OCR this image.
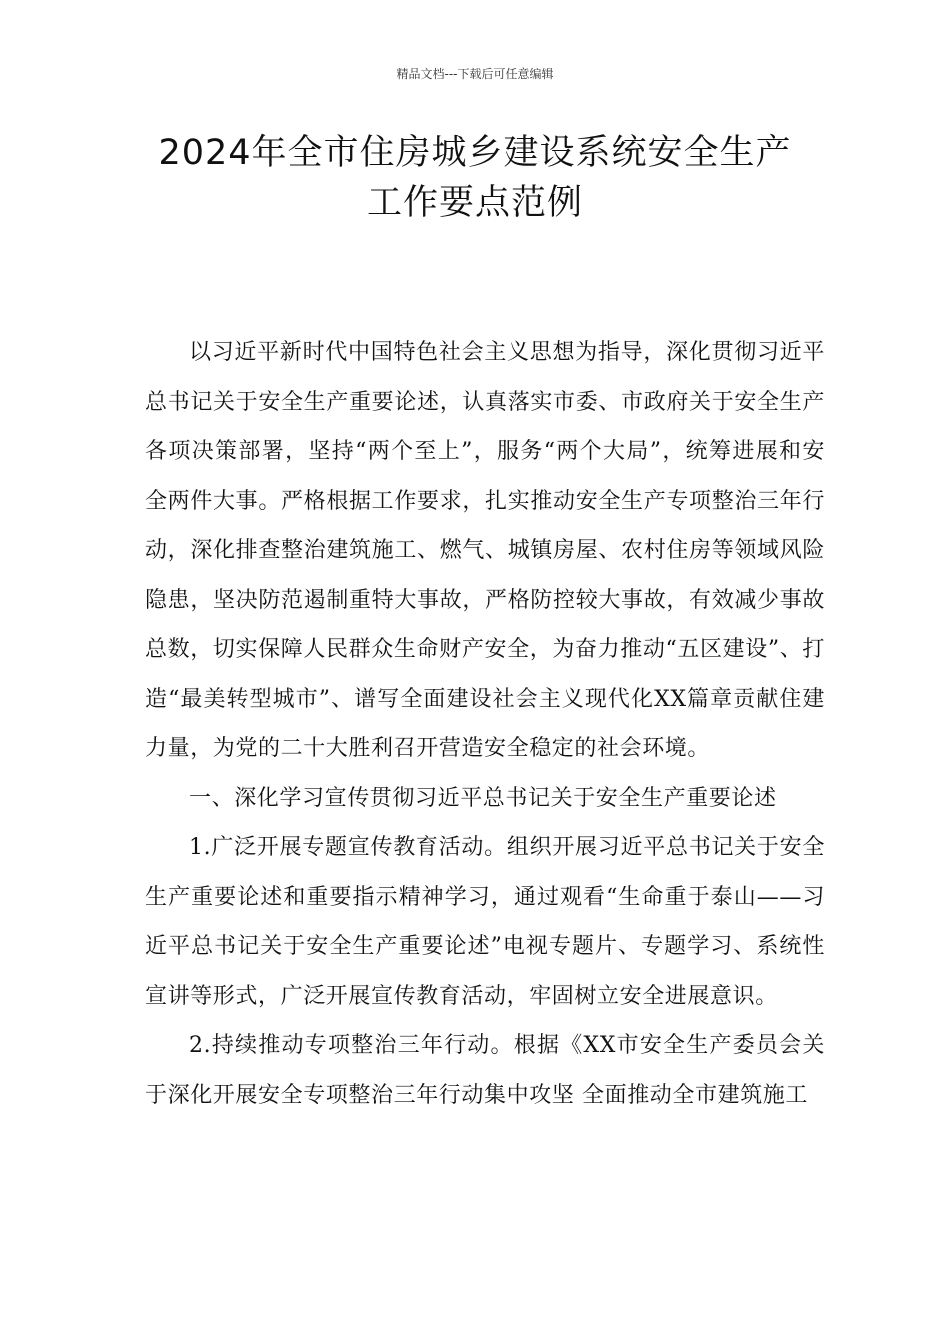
精品文档---下载后可任意编辑
2024年全市住房城乡建设系统安全生产
工作要点范例

以习近平新时代中国特色社会主义思想为指导，深化贯彻习近平总书记关于安全生产重要论述，认真落实市委、市政府关于安全生产各项决策部署，坚持“两个至上”，服务“两个大局”，统筹进展和安全两件大事。严格根据工作要求，扎实推动安全生产专项整治三年行动，深化排查整治建筑施工、燃气、城镇房屋、农村住房等领域风险隐患，坚决防范遏制重特大事故，严格防控较大事故，有效减少事故总数，切实保障人民群众生命财产安全，为奋力推动“五区建设”、打造“最美转型城市”、谱写全面建设社会主义现代化XX篇章贡献住建力量，为党的二十大胜利召开营造安全稳定的社会环境。

一、深化学习宣传贯彻习近平总书记关于安全生产重要论述

1.广泛开展专题宣传教育活动。组织开展习近平总书记关于安全生产重要论述和重要指示精神学习，通过观看“生命重于泰山——习近平总书记关于安全生产重要论述”电视专题片、专题学习、系统性宣讲等形式，广泛开展宣传教育活动，牢固树立安全进展意识。

2.持续推动专项整治三年行动。根据《XX市安全生产委员会关于深化开展安全专项整治三年行动集中攻坚 全面推动全市建筑施工
